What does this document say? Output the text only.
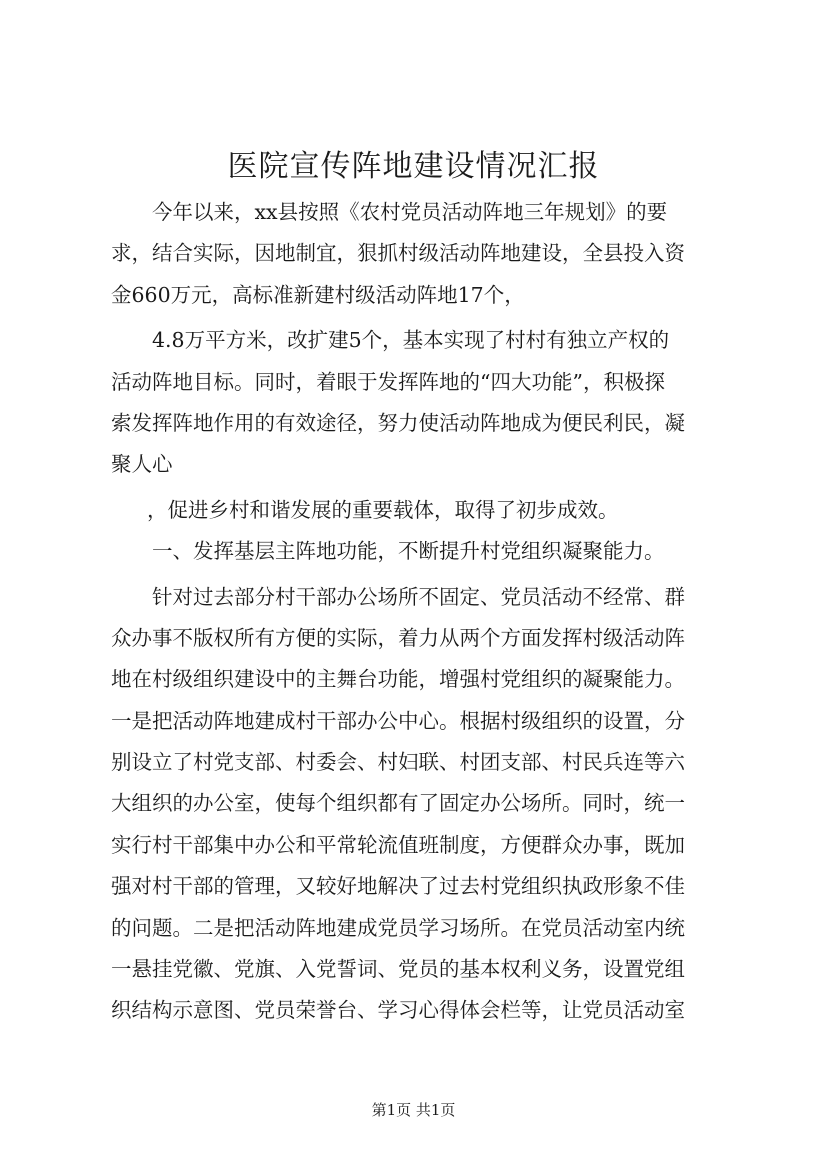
医院宣传阵地建设情况汇报
今年以来，xx县按照《农村党员活动阵地三年规划》的要
求，结合实际，因地制宜，狠抓村级活动阵地建设，全县投入资
金660万元，高标准新建村级活动阵地17个，
4.8万平方米，改扩建5个，基本实现了村村有独立产权的
活动阵地目标。同时，着眼于发挥阵地的“四大功能”，积极探
索发挥阵地作用的有效途径，努力使活动阵地成为便民利民，凝
聚人心
，促进乡村和谐发展的重要载体，取得了初步成效。
一、发挥基层主阵地功能，不断提升村党组织凝聚能力。
针对过去部分村干部办公场所不固定、党员活动不经常、群
众办事不版权所有方便的实际，着力从两个方面发挥村级活动阵
地在村级组织建设中的主舞台功能，增强村党组织的凝聚能力。
一是把活动阵地建成村干部办公中心。根据村级组织的设置，分
别设立了村党支部、村委会、村妇联、村团支部、村民兵连等六
大组织的办公室，使每个组织都有了固定办公场所。同时，统一
实行村干部集中办公和平常轮流值班制度，方便群众办事，既加
强对村干部的管理，又较好地解决了过去村党组织执政形象不佳
的问题。二是把活动阵地建成党员学习场所。在党员活动室内统
一悬挂党徽、党旗、入党誓词、党员的基本权利义务，设置党组
织结构示意图、党员荣誉台、学习心得体会栏等，让党员活动室
第1页 共1页
